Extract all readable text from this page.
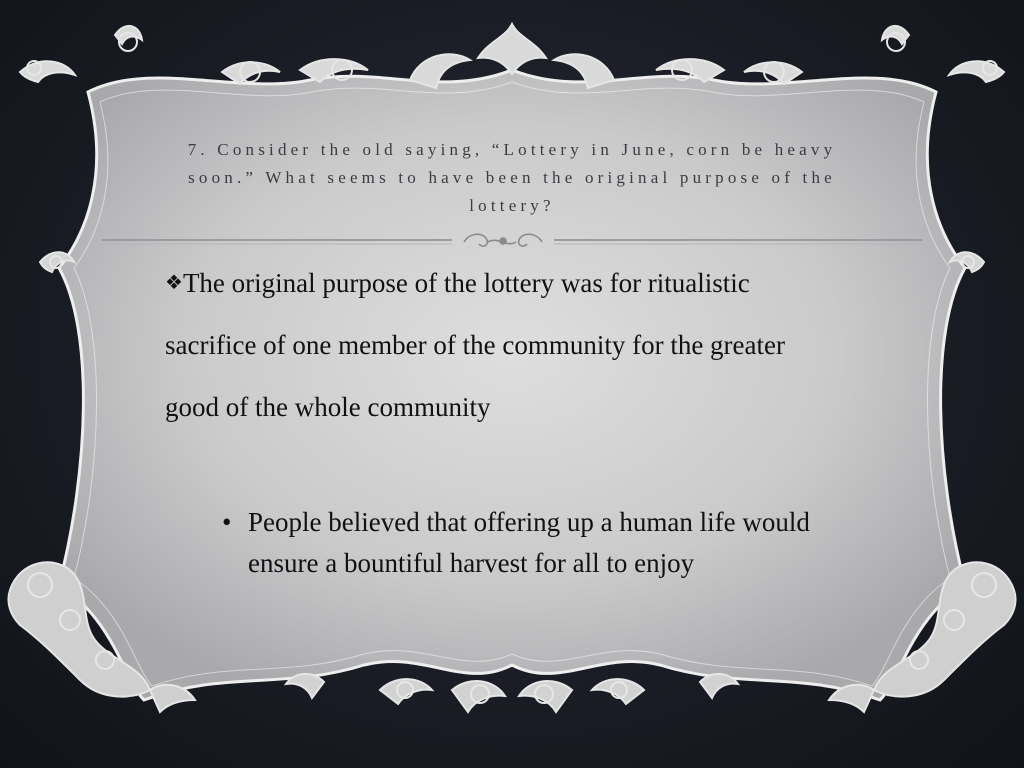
7. Consider the old saying, “Lottery in June, corn be heavy soon.” What seems to have been the original purpose of the lottery?
❖The original purpose of the lottery was for ritualistic sacrifice of one member of the community for the greater good of the whole community
• People believed that offering up a human life would ensure a bountiful harvest for all to enjoy
